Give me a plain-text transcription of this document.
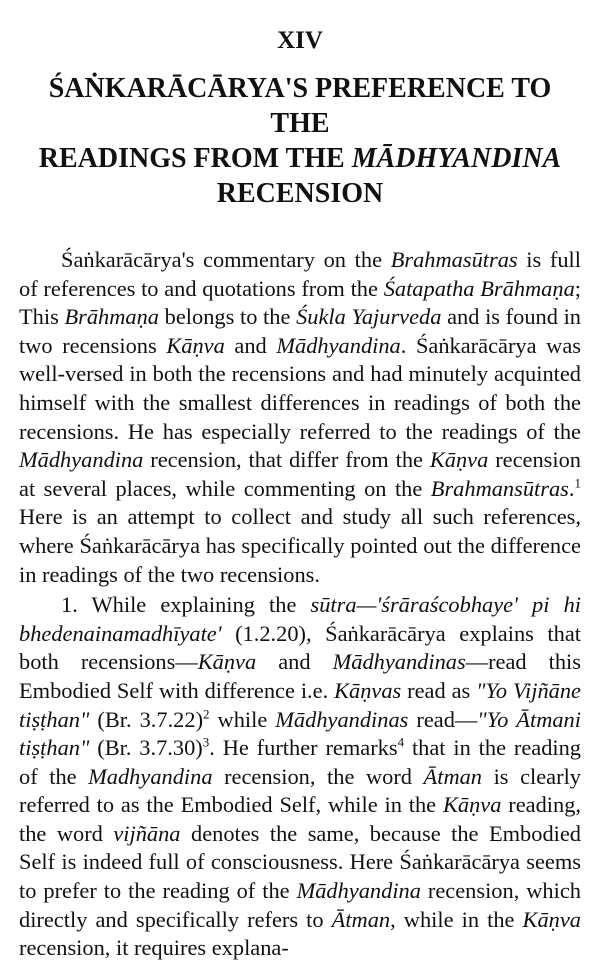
XIV
ŚAṄKARĀCĀRYA'S PREFERENCE TO THE
READINGS FROM THE MĀDHYANDINA
RECENSION

Śaṅkarācārya's commentary on the Brahmasūtras is full of references to and quotations from the Śatapatha Brāhmaṇa; This Brāhmaṇa belongs to the Śukla Yajurveda and is found in two recensions Kāṇva and Mādhyandina. Śaṅkarācārya was well-versed in both the recensions and had minutely acquinted himself with the smallest differences in readings of both the recensions. He has especially referred to the readings of the Mādhyandina recension, that differ from the Kāṇva recension at several places, while commenting on the Brahmansūtras.$^1$ Here is an attempt to collect and study all such references, where Śaṅkarācārya has specifically pointed out the difference in readings of the two recensions.

1. While explaining the sūtra—'śrāraścobhaye' pi hi bhedenainamadhīyate' (1.2.20), Śaṅkarācārya explains that both recensions—Kāṇva and Mādhyandinas—read this Embodied Self with difference i.e. Kāṇvas read as "Yo Vijñāne tiṣṭhan" (Br. 3.7.22)$^2$ while Mādhyandinas read—"Yo Ātmani tiṣṭhan" (Br. 3.7.30)$^3$. He further remarks$^4$ that in the reading of the Madhyandina recension, the word Ātman is clearly referred to as the Embodied Self, while in the Kāṇva reading, the word vijñāna denotes the same, because the Embodied Self is indeed full of consciousness. Here Śaṅkarācārya seems to prefer to the reading of the Mādhyandina recension, which directly and specifically refers to Ātman, while in the Kāṇva recension, it requires explana-
